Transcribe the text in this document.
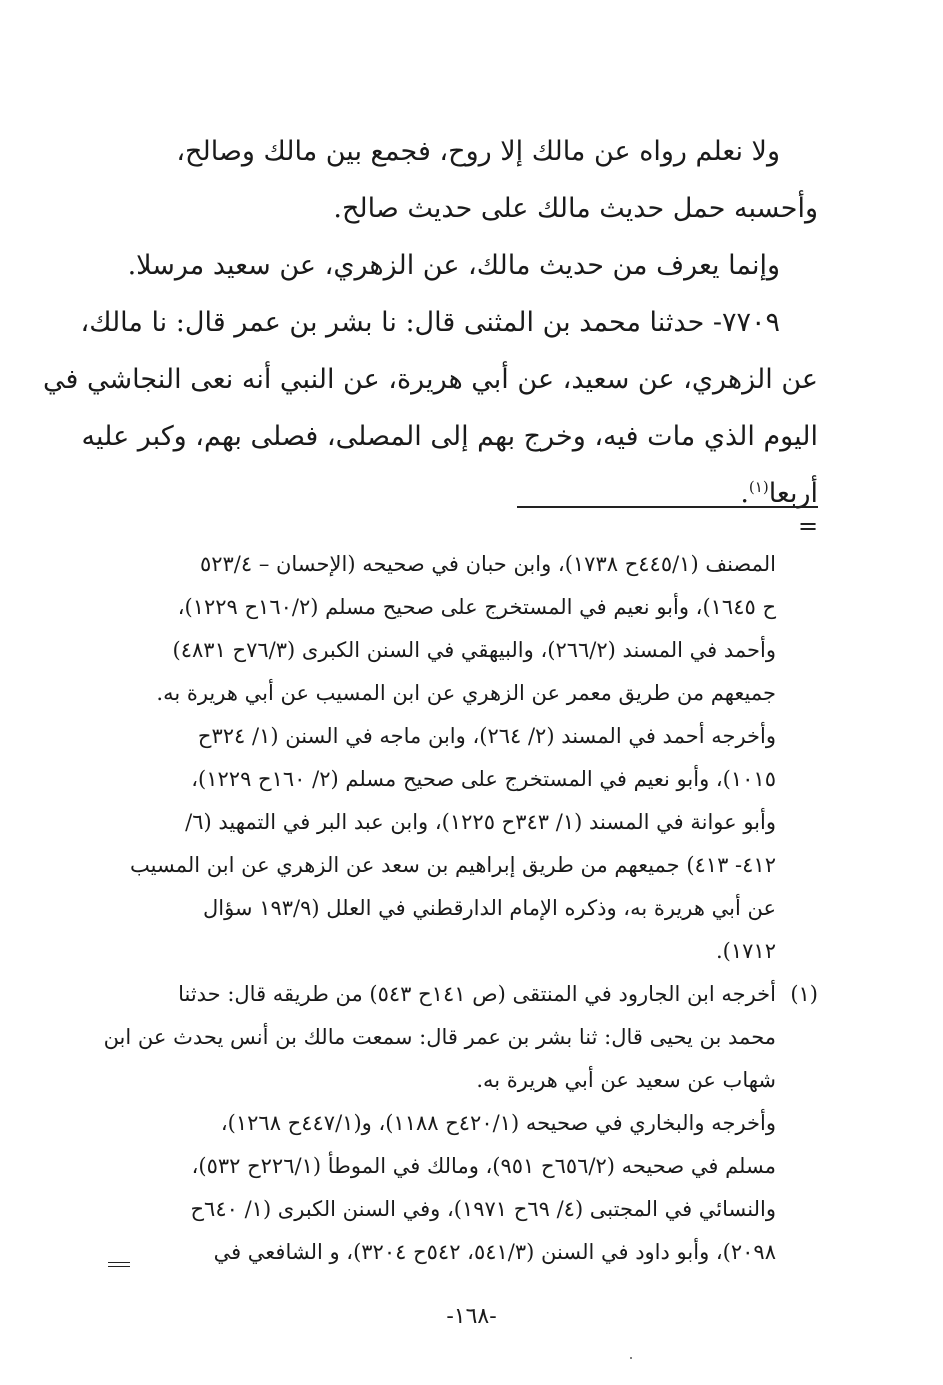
ولا نعلم رواه عن مالك إلا روح، فجمع بين مالك وصالح،

وأحسبه حمل حديث مالك على حديث صالح.

وإنما يعرف من حديث مالك، عن الزهري، عن سعيد مرسلا.

٧٧٠٩- حدثنا محمد بن المثنى قال: نا بشر بن عمر قال: نا مالك،

عن الزهري، عن سعيد، عن أبي هريرة، عن النبي أنه نعى النجاشي في

اليوم الذي مات فيه، وخرج بهم إلى المصلى، فصلى بهم، وكبر عليه

أربعا$^{(١)}$.

=

المصنف (٤٤٥/١ح ١٧٣٨)، وابن حبان في صحيحه (الإحسان – ٥٢٣/٤

ح ١٦٤٥)، وأبو نعيم في المستخرج على صحيح مسلم (١٦٠/٢ح ١٢٢٩)،

وأحمد في المسند (٢٦٦/٢)، والبيهقي في السنن الكبرى (٧٦/٣ح ٤٨٣١)

جميعهم من طريق معمر عن الزهري عن ابن المسيب عن أبي هريرة به.

وأخرجه أحمد في المسند (٢/ ٢٦٤)، وابن ماجه في السنن (١/ ٣٢٤ح

١٠١٥)، وأبو نعيم في المستخرج على صحيح مسلم (٢/ ١٦٠ح ١٢٢٩)،

وأبو عوانة في المسند (١/ ٣٤٣ح ١٢٢٥)، وابن عبد البر في التمهيد (٦/

٤١٢- ٤١٣) جميعهم من طريق إبراهيم بن سعد عن الزهري عن ابن المسيب

عن أبي هريرة به، وذكره الإمام الدارقطني في العلل (١٩٣/٩ سؤال

١٧١٢).

(١)أخرجه ابن الجارود في المنتقى (ص ١٤١ح ٥٤٣) من طريقه قال: حدثنا

محمد بن يحيى قال: ثنا بشر بن عمر قال: سمعت مالك بن أنس يحدث عن ابن

شهاب عن سعيد عن أبي هريرة به.

وأخرجه والبخاري في صحيحه (٤٢٠/١ح ١١٨٨)، و(٤٤٧/١ح ١٢٦٨)،

مسلم في صحيحه (٦٥٦/٢ح ٩٥١)، ومالك في الموطأ (٢٢٦/١ح ٥٣٢)،

والنسائي في المجتبى (٤/ ٦٩ح ١٩٧١)، وفي السنن الكبرى (١/ ٦٤٠ح

٢٠٩٨)، وأبو داود في السنن (٥٤١/٣، ٥٤٢ح ٣٢٠٤)، و الشافعي في

-١٦٨-
